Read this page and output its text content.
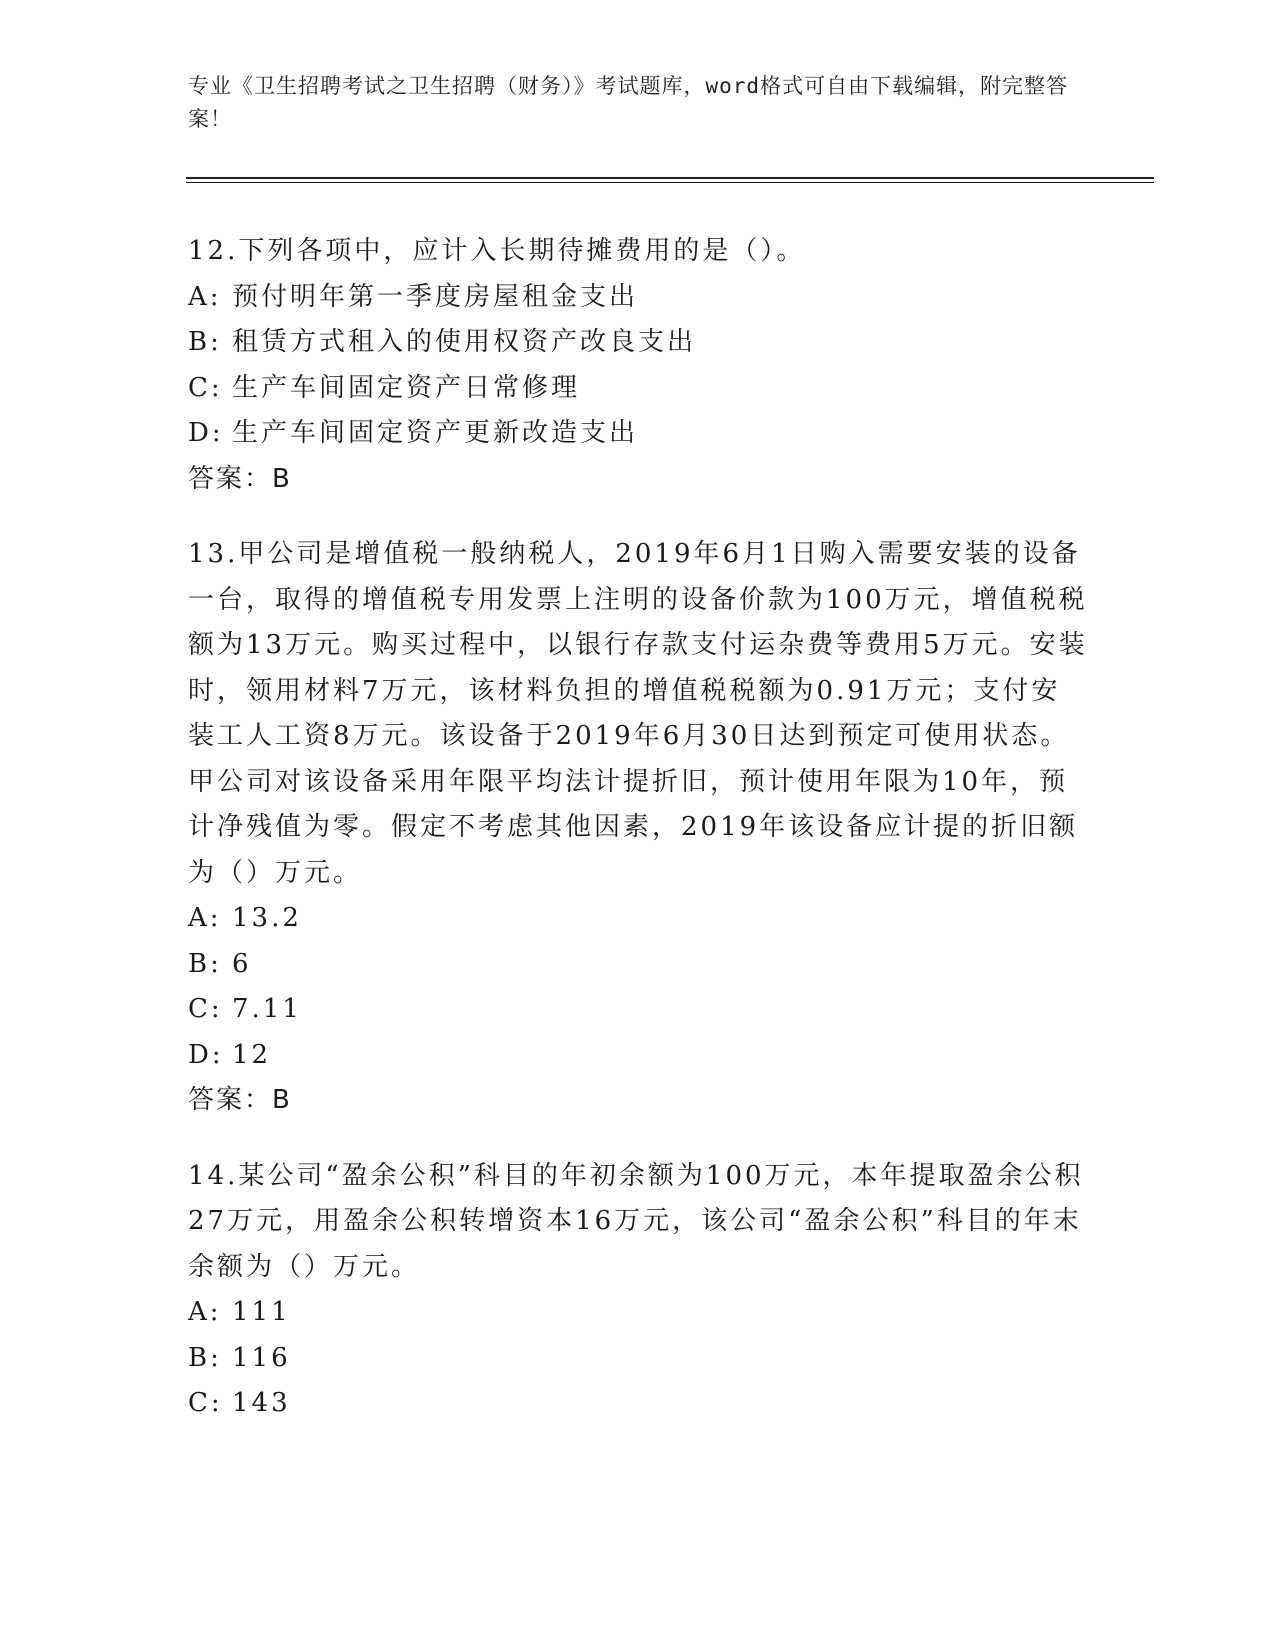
专业《卫生招聘考试之卫生招聘（财务）》考试题库，word格式可自由下载编辑，附完整答案！

12.下列各项中，应计入长期待摊费用的是（）。

A: 预付明年第一季度房屋租金支出

B: 租赁方式租入的使用权资产改良支出

C: 生产车间固定资产日常修理

D: 生产车间固定资产更新改造支出

答案：B

13.甲公司是增值税一般纳税人，2019年6月1日购入需要安装的设备一台，取得的增值税专用发票上注明的设备价款为100万元，增值税税额为13万元。购买过程中，以银行存款支付运杂费等费用5万元。安装时，领用材料7万元，该材料负担的增值税税额为0.91万元；支付安装工人工资8万元。该设备于2019年6月30日达到预定可使用状态。甲公司对该设备采用年限平均法计提折旧，预计使用年限为10年，预计净残值为零。假定不考虑其他因素，2019年该设备应计提的折旧额为（）万元。

A: 13.2

B: 6

C: 7.11

D: 12

答案：B

14.某公司“盈余公积”科目的年初余额为100万元，本年提取盈余公积27万元，用盈余公积转增资本16万元，该公司“盈余公积”科目的年末余额为（）万元。

A: 111

B: 116

C: 143
